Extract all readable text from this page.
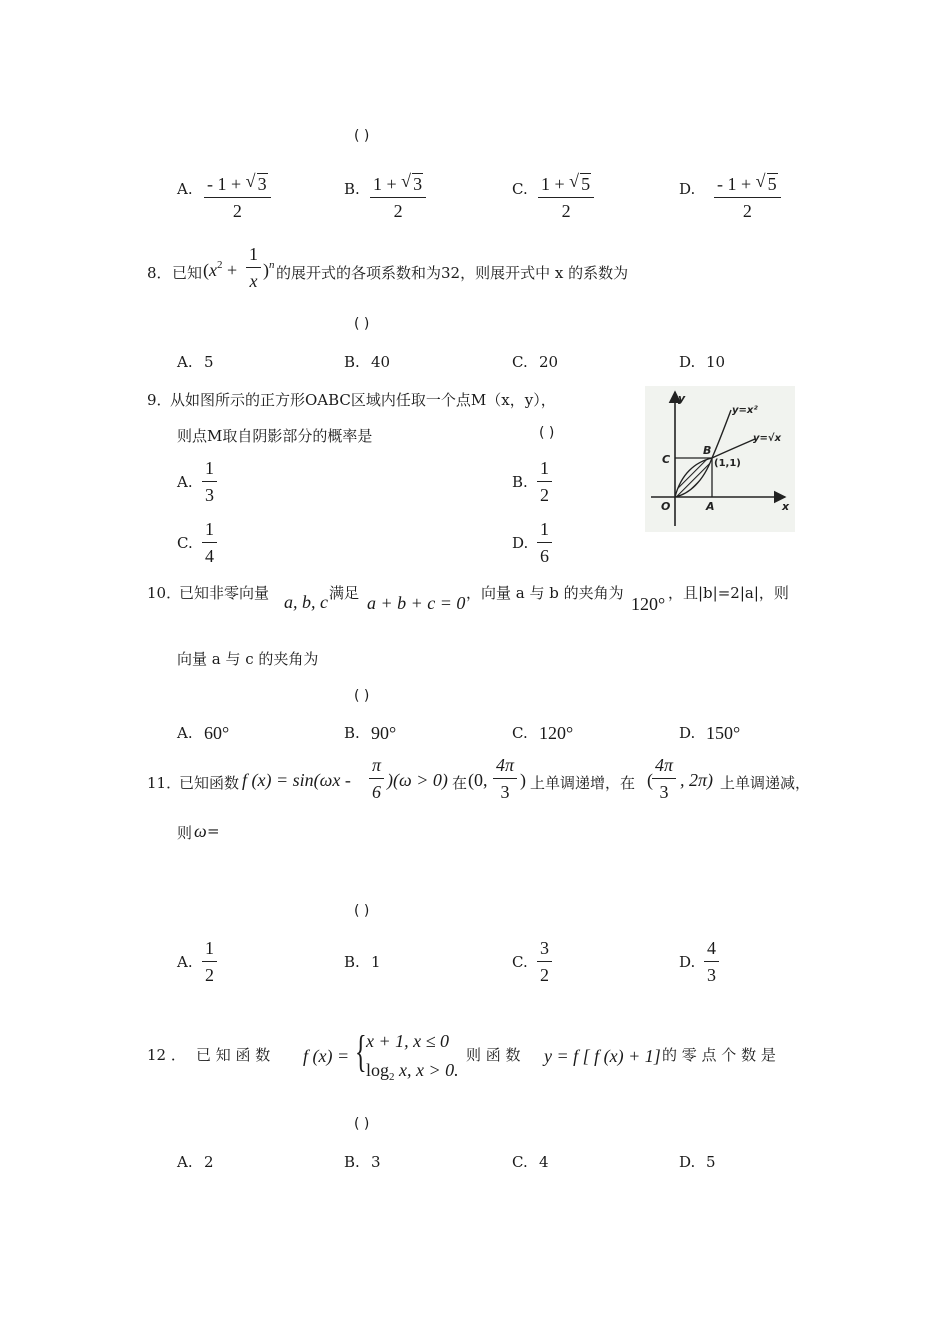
( )
A. $\frac{- 1 + √ 3}{2}$	B. $\frac{1 + √ 3}{2}$	C. $\frac{1 + √ 5}{2}$	D. $\frac{- 1 + √ 5}{2}$
8． 已知 $(x^2 + \frac{1}{x} )^n$ 的展开式的各项系数和为32，则展开式中 x 的系数为
( )
A. 5	B. 40	C. 20	D. 10
9．
从如图所示的正方形OABC区域内任取一个点M（x，y），
则点M取自阴影部分的概率是	( )
A. $\frac{1}{3}$	B. $\frac{1}{2}$
C. $\frac{1}{4}$	D. $\frac{1}{6}$
y
x
O	A
C
B
(1,1)
y=x²
y=√x
10．
已知非零向量 a, b, c 满足 a + b + c = 0 ，向量 a 与 b 的夹角为
120°
，且|b|=2|a|，则
向量 a 与 c 的夹角为
( )
A. 60°	B. 90°	C. 120°	D. 150°
11．
已知函数 f $(x) = \sin(\omega x - \frac{\pi}{6} )(\omega > 0)$ 在 (0, $\frac{4\pi}{3}$ ) 上单调递增，在 ( $\frac{4\pi}{3}$ , 2π) 上单调递减，
则 ω =
( )
A. $\frac{1}{2}$	B. 1	C. $\frac{3}{2}$	D. $\frac{4}{3}$
12 ． 已 知 函 数 f (x) = { x + 1, x ≤ 0
$\log_2 x$, x > 0.
则 函 数 y = f [ f (x) + 1] 的 零 点 个 数 是
( )
A. 2	B. 3	C. 4	D. 5
